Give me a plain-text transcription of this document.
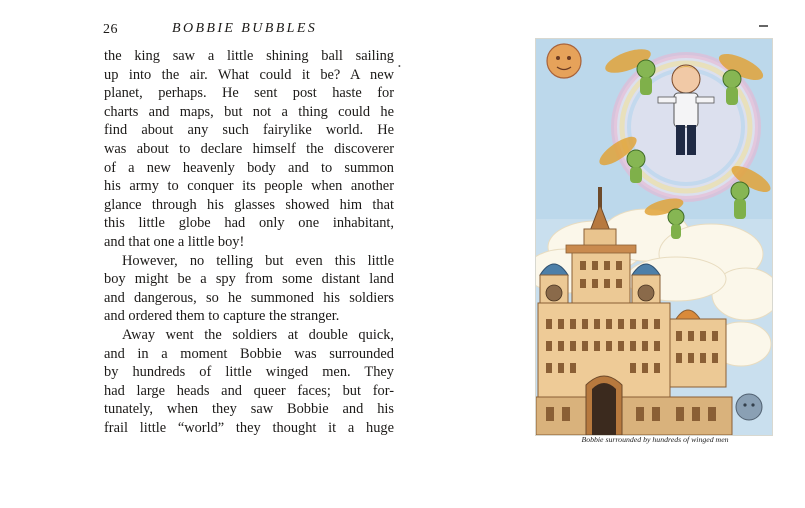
26	BOBBIE BUBBLES
•
the king saw a little shining ball sailing
up into the air. What could it be? A new
planet, perhaps. He sent post haste for
charts and maps, but not a thing could he
find about any such fairylike world. He
was about to declare himself the discoverer
of a new heavenly body and to summon
his army to conquer its people when another
glance through his glasses showed him that
this little globe had only one inhabitant,
and that one a little boy!
However, no telling but even this little
boy might be a spy from some distant land
and dangerous, so he summoned his soldiers
and ordered them to capture the stranger.
Away went the soldiers at double quick,
and in a moment Bobbie was surrounded
by hundreds of little winged men. They
had large heads and queer faces; but for-
tunately, when they saw Bobbie and his
frail little “world” they thought it a huge
Bobbie surrounded by hundreds of winged men
